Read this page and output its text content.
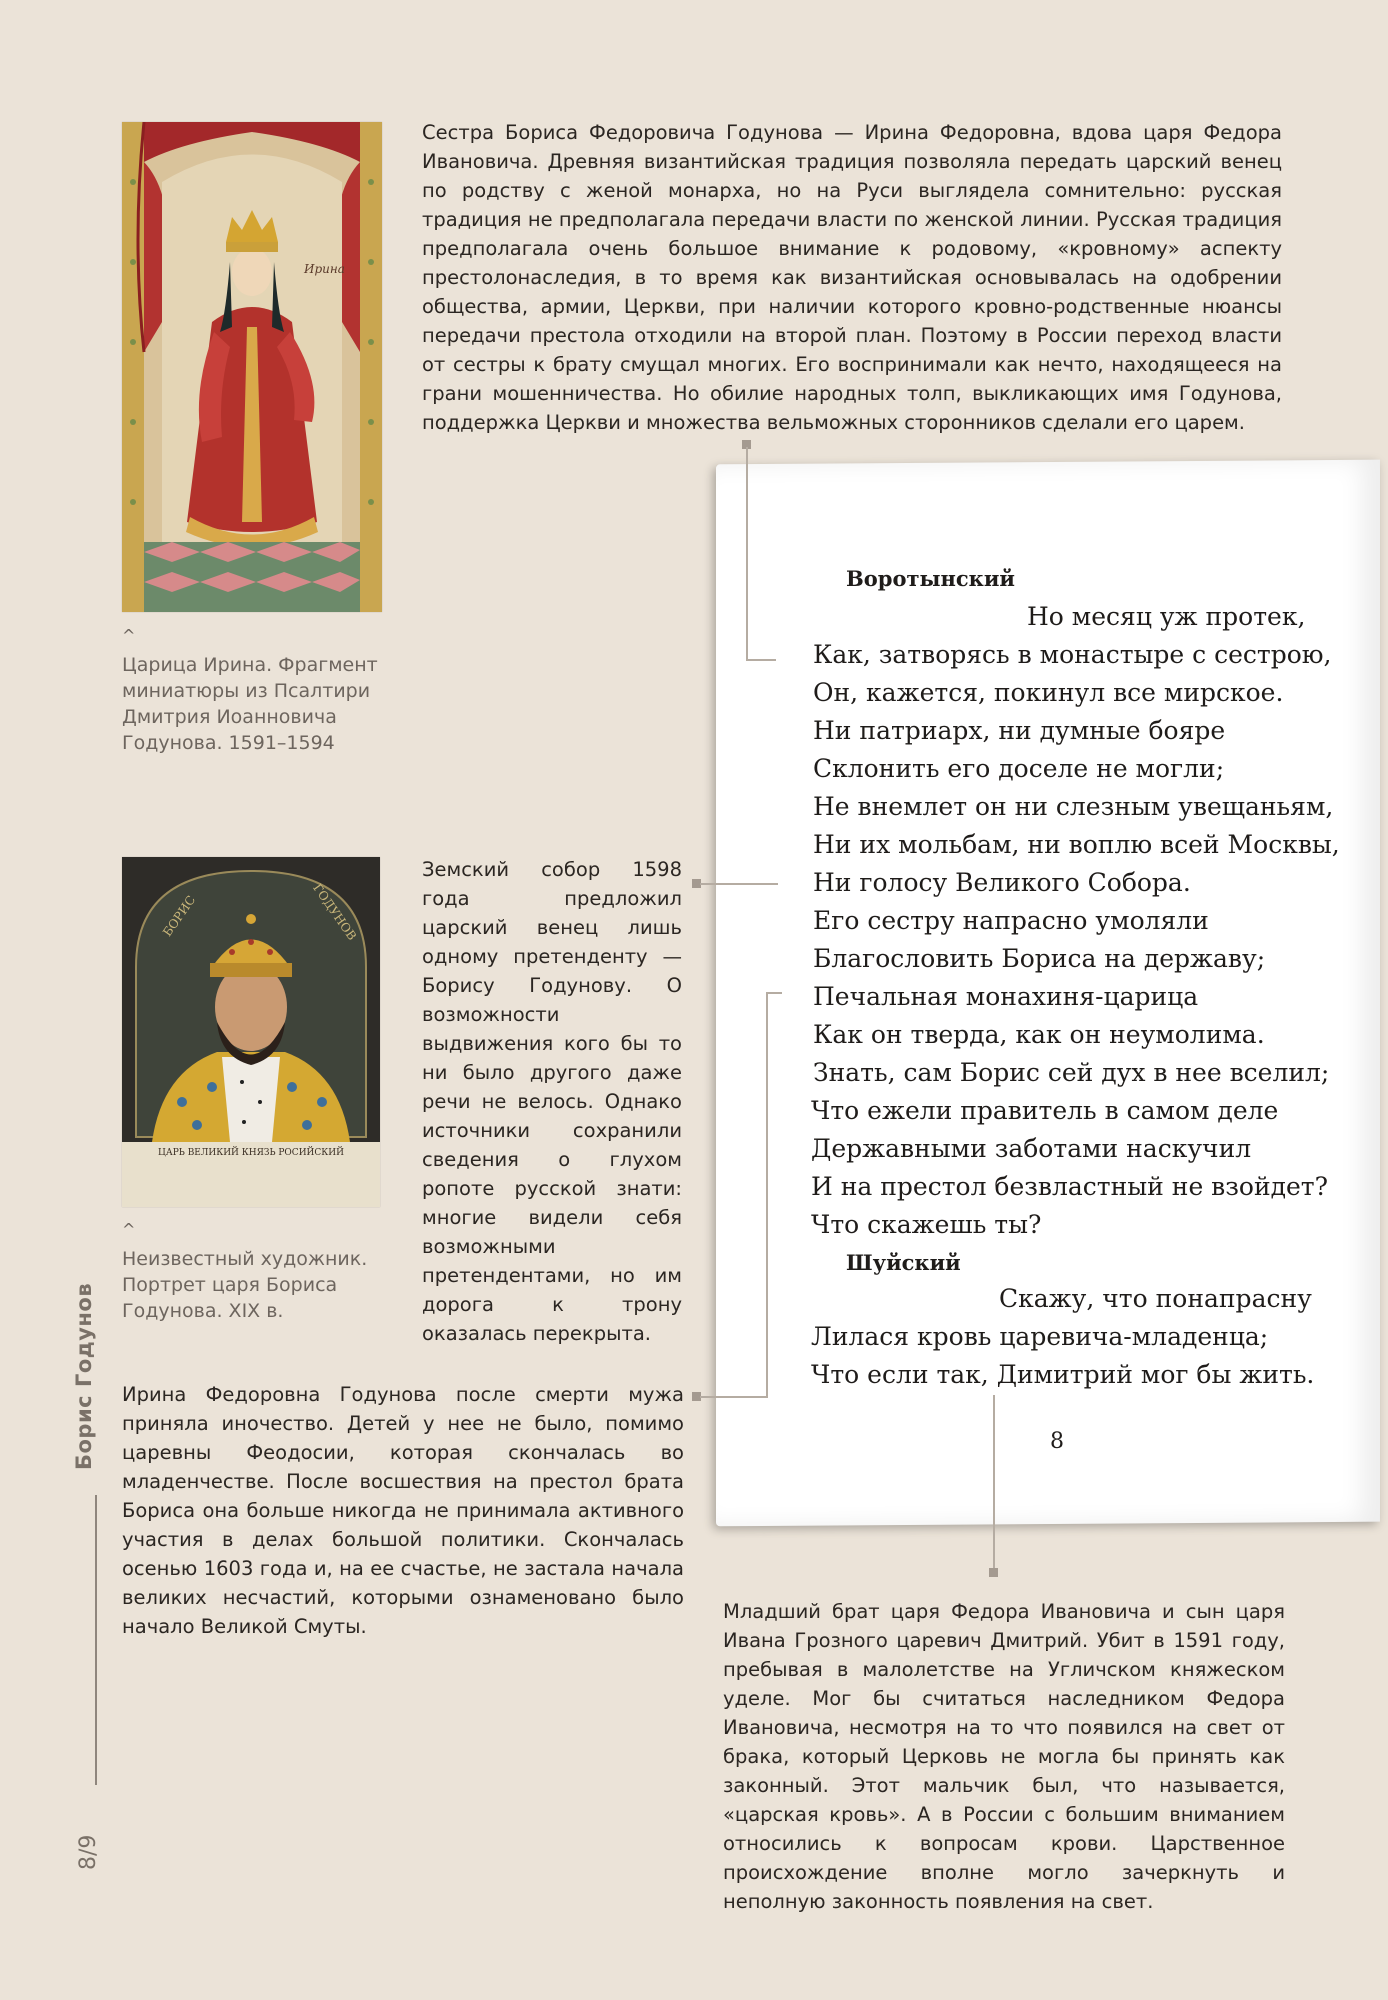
Борис Годунов
8/9
Ирина
^
Царица Ирина. Фрагмент
миниатюры из Псалтири
Дмитрия Иоанновича
Годунова. 1591–1594
Сестра Бориса Федоровича Годунова — Ирина Федоровна, вдова царя Федора Ивановича. Древняя византийская традиция позволяла передать царский венец по родству с женой монарха, но на Руси выглядела сомнительно: русская традиция не предполагала передачи власти по женской линии. Русская традиция предполагала очень большое внимание к родовому, «кровному» аспекту престолонаследия, в то время как византийская основывалась на одобрении общества, армии, Церкви, при наличии которого кровно-родственные нюансы передачи престола отходили на второй план. Поэтому в России переход власти от сестры к брату смущал многих. Его воспринимали как нечто, находящееся на грани мошенничества. Но обилие народных толп, выкликающих имя Годунова, поддержка Церкви и множества вельможных сторонников сделали его царем.
БОРИС	ГОДУНОВ
ЦАРЬ ВЕЛИКИЙ КНЯЗЬ РОСИЙСКИЙ
^
Неизвестный художник.
Портрет царя Бориса
Годунова. XIX в.
Земский собор 1598 года предложил царский венец лишь одному претенденту — Борису Годунову. О возможности выдвижения кого бы то ни было другого даже речи не велось. Однако источники сохранили сведения о глухом ропоте русской знати: многие видели себя возможными претендентами, но им дорога к трону оказалась перекрыта.
Ирина Федоровна Годунова после смерти мужа приняла иночество. Детей у нее не было, помимо царевны Феодосии, которая скончалась во младенчестве. После восшествия на престол брата Бориса она больше никогда не принимала активного участия в делах большой политики. Скончалась осенью 1603 года и, на ее счастье, не застала начала великих несчастий, которыми ознаменовано было начало Великой Смуты.
Младший брат царя Федора Ивановича и сын царя Ивана Грозного царевич Дмитрий. Убит в 1591 году, пребывая в малолетстве на Угличском княжеском уделе. Мог бы считаться наследником Федора Ивановича, несмотря на то что появился на свет от брака, который Церковь не могла бы принять как законный. Этот мальчик был, что называется, «царская кровь». А в России с большим вниманием относились к вопросам крови. Царственное происхождение вполне могло зачеркнуть и неполную законность появления на свет.
Воротынский
Но месяц уж протек,
Как, затворясь в монастыре с сестрою,
Он, кажется, покинул все мирское.
Ни патриарх, ни думные бояре
Склонить его доселе не могли;
Не внемлет он ни слезным увещаньям,
Ни их мольбам, ни воплю всей Москвы,
Ни голосу Великого Собора.
Его сестру напрасно умоляли
Благословить Бориса на державу;
Печальная монахиня-царица
Как он тверда, как он неумолима.
Знать, сам Борис сей дух в нее вселил;
Что ежели правитель в самом деле
Державными заботами наскучил
И на престол безвластный не взойдет?
Что скажешь ты?
Шуйский
Скажу, что понапрасну
Лилася кровь царевича-младенца;
Что если так, Димитрий мог бы жить.
8
